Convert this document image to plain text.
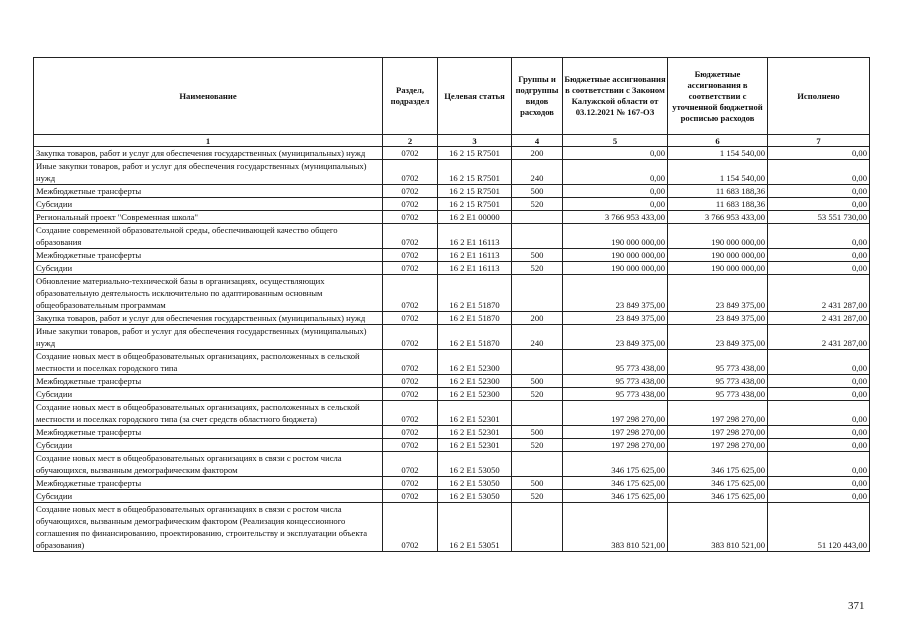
Наименование	Раздел, подраздел	Целевая статья	Группы и подгруппы видов расходов	Бюджетные ассигнования в соответствии с Законом Калужской области от 03.12.2021 № 167-ОЗ	Бюджетные ассигнования в соответствии с уточненной бюджетной росписью расходов	Исполнено
1	2	3	4	5	6	7
Закупка товаров, работ и услуг для обеспечения государственных (муниципальных) нужд	0702	16 2 15 R7501	200	0,00	1 154 540,00	0,00
Иные закупки товаров, работ и услуг для обеспечения государственных (муниципальных) нужд	0702	16 2 15 R7501	240	0,00	1 154 540,00	0,00
Межбюджетные трансферты	0702	16 2 15 R7501	500	0,00	11 683 188,36	0,00
Субсидии	0702	16 2 15 R7501	520	0,00	11 683 188,36	0,00
Региональный проект "Современная школа"	0702	16 2 E1 00000		3 766 953 433,00	3 766 953 433,00	53 551 730,00
Создание современной образовательной среды, обеспечивающей качество общего образования	0702	16 2 E1 16113		190 000 000,00	190 000 000,00	0,00
Межбюджетные трансферты	0702	16 2 E1 16113	500	190 000 000,00	190 000 000,00	0,00
Субсидии	0702	16 2 E1 16113	520	190 000 000,00	190 000 000,00	0,00
Обновление материально-технической базы в организациях, осуществляющих образовательную деятельность исключительно по адаптированным основным общеобразовательным программам	0702	16 2 E1 51870		23 849 375,00	23 849 375,00	2 431 287,00
Закупка товаров, работ и услуг для обеспечения государственных (муниципальных) нужд	0702	16 2 E1 51870	200	23 849 375,00	23 849 375,00	2 431 287,00
Иные закупки товаров, работ и услуг для обеспечения государственных (муниципальных) нужд	0702	16 2 E1 51870	240	23 849 375,00	23 849 375,00	2 431 287,00
Создание новых мест в общеобразовательных организациях, расположенных в сельской местности и поселках городского типа	0702	16 2 E1 52300		95 773 438,00	95 773 438,00	0,00
Межбюджетные трансферты	0702	16 2 E1 52300	500	95 773 438,00	95 773 438,00	0,00
Субсидии	0702	16 2 E1 52300	520	95 773 438,00	95 773 438,00	0,00
Создание новых мест в общеобразовательных организациях, расположенных в сельской местности и поселках городского типа (за счет средств областного бюджета)	0702	16 2 E1 52301		197 298 270,00	197 298 270,00	0,00
Межбюджетные трансферты	0702	16 2 E1 52301	500	197 298 270,00	197 298 270,00	0,00
Субсидии	0702	16 2 E1 52301	520	197 298 270,00	197 298 270,00	0,00
Создание новых мест в общеобразовательных организациях в связи с ростом числа обучающихся, вызванным демографическим фактором	0702	16 2 E1 53050		346 175 625,00	346 175 625,00	0,00
Межбюджетные трансферты	0702	16 2 E1 53050	500	346 175 625,00	346 175 625,00	0,00
Субсидии	0702	16 2 E1 53050	520	346 175 625,00	346 175 625,00	0,00
Создание новых мест в общеобразовательных организациях в связи с ростом числа обучающихся, вызванным демографическим фактором (Реализация концессионного соглашения по финансированию, проектированию, строительству и эксплуатации объекта образования)	0702	16 2 E1 53051		383 810 521,00	383 810 521,00	51 120 443,00
371
